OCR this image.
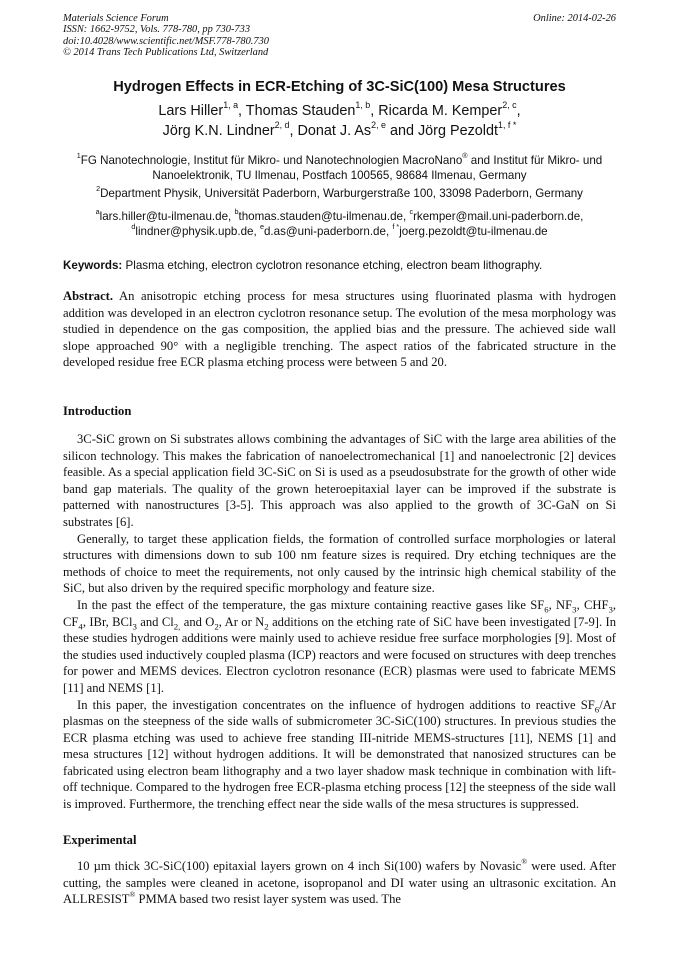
Materials Science Forum
ISSN: 1662-9752, Vols. 778-780, pp 730-733
doi:10.4028/www.scientific.net/MSF.778-780.730
© 2014 Trans Tech Publications Ltd, Switzerland
Online: 2014-02-26
Hydrogen Effects in ECR-Etching of 3C-SiC(100) Mesa Structures
Lars Hiller$^{1, a}$, Thomas Stauden$^{1, b}$, Ricarda M. Kemper$^{2, c}$,
Jörg K.N. Lindner$^{2, d}$, Donat J. As$^{2, e}$ and Jörg Pezoldt$^{1, f *}$
$^1$FG Nanotechnologie, Institut für Mikro- und Nanotechnologien MacroNano® and Institut für Mikro- und Nanoelektronik, TU Ilmenau, Postfach 100565, 98684 Ilmenau, Germany
$^2$Department Physik, Universität Paderborn, Warburgerstraße 100, 33098 Paderborn, Germany
$^a$lars.hiller@tu-ilmenau.de, $^b$thomas.stauden@tu-ilmenau.de, $^c$rkemper@mail.uni-paderborn.de,
$^d$lindner@physik.upb.de, $^e$d.as@uni-paderborn.de, $^{f *}$joerg.pezoldt@tu-ilmenau.de
Keywords: Plasma etching, electron cyclotron resonance etching, electron beam lithography.

Abstract. An anisotropic etching process for mesa structures using fluorinated plasma with hydrogen addition was developed in an electron cyclotron resonance setup. The evolution of the mesa morphology was studied in dependence on the gas composition, the applied bias and the pressure. The achieved side wall slope approached 90° with a negligible trenching. The aspect ratios of the fabricated structure in the developed residue free ECR plasma etching process were between 5 and 20.

Introduction

3C-SiC grown on Si substrates allows combining the advantages of SiC with the large area abilities of the silicon technology. This makes the fabrication of nanoelectromechanical [1] and nanoelectronic [2] devices feasible. As a special application field 3C-SiC on Si is used as a pseudosubstrate for the growth of other wide band gap materials. The quality of the grown heteroepitaxial layer can be improved if the substrate is patterned with nanostructures [3-5]. This approach was also applied to the growth of 3C-GaN on Si substrates [6].

Generally, to target these application fields, the formation of controlled surface morphologies or lateral structures with dimensions down to sub 100 nm feature sizes is required. Dry etching techniques are the methods of choice to meet the requirements, not only caused by the intrinsic high chemical stability of the SiC, but also driven by the required specific morphology and feature size.

In the past the effect of the temperature, the gas mixture containing reactive gases like $SF_6$, $NF_3$, $CHF_3$, $CF_4$, IBr, BCl$_3$ and $Cl_{2,}$ and $O_2$, Ar or $N_2$ additions on the etching rate of SiC have been investigated [7-9]. In these studies hydrogen additions were mainly used to achieve residue free surface morphologies [9]. Most of the studies used inductively coupled plasma (ICP) reactors and were focused on structures with deep trenches for power and MEMS devices. Electron cyclotron resonance (ECR) plasmas were used to fabricate MEMS [11] and NEMS [1].

In this paper, the investigation concentrates on the influence of hydrogen additions to reactive $SF_6/Ar$ plasmas on the steepness of the side walls of submicrometer 3C-SiC(100) structures. In previous studies the ECR plasma etching was used to achieve free standing III-nitride MEMS-structures [11], NEMS [1] and mesa structures [12] without hydrogen additions. It will be demonstrated that nanosized structures can be fabricated using electron beam lithography and a two layer shadow mask technique in combination with lift-off technique. Compared to the hydrogen free ECR-plasma etching process [12] the steepness of the side wall is improved. Furthermore, the trenching effect near the side walls of the mesa structures is suppressed.

Experimental

10 µm thick 3C-SiC(100) epitaxial layers grown on 4 inch Si(100) wafers by Novasic® were used. After cutting, the samples were cleaned in acetone, isopropanol and DI water using an ultrasonic excitation. An ALLRESIST® PMMA based two resist layer system was used. The
